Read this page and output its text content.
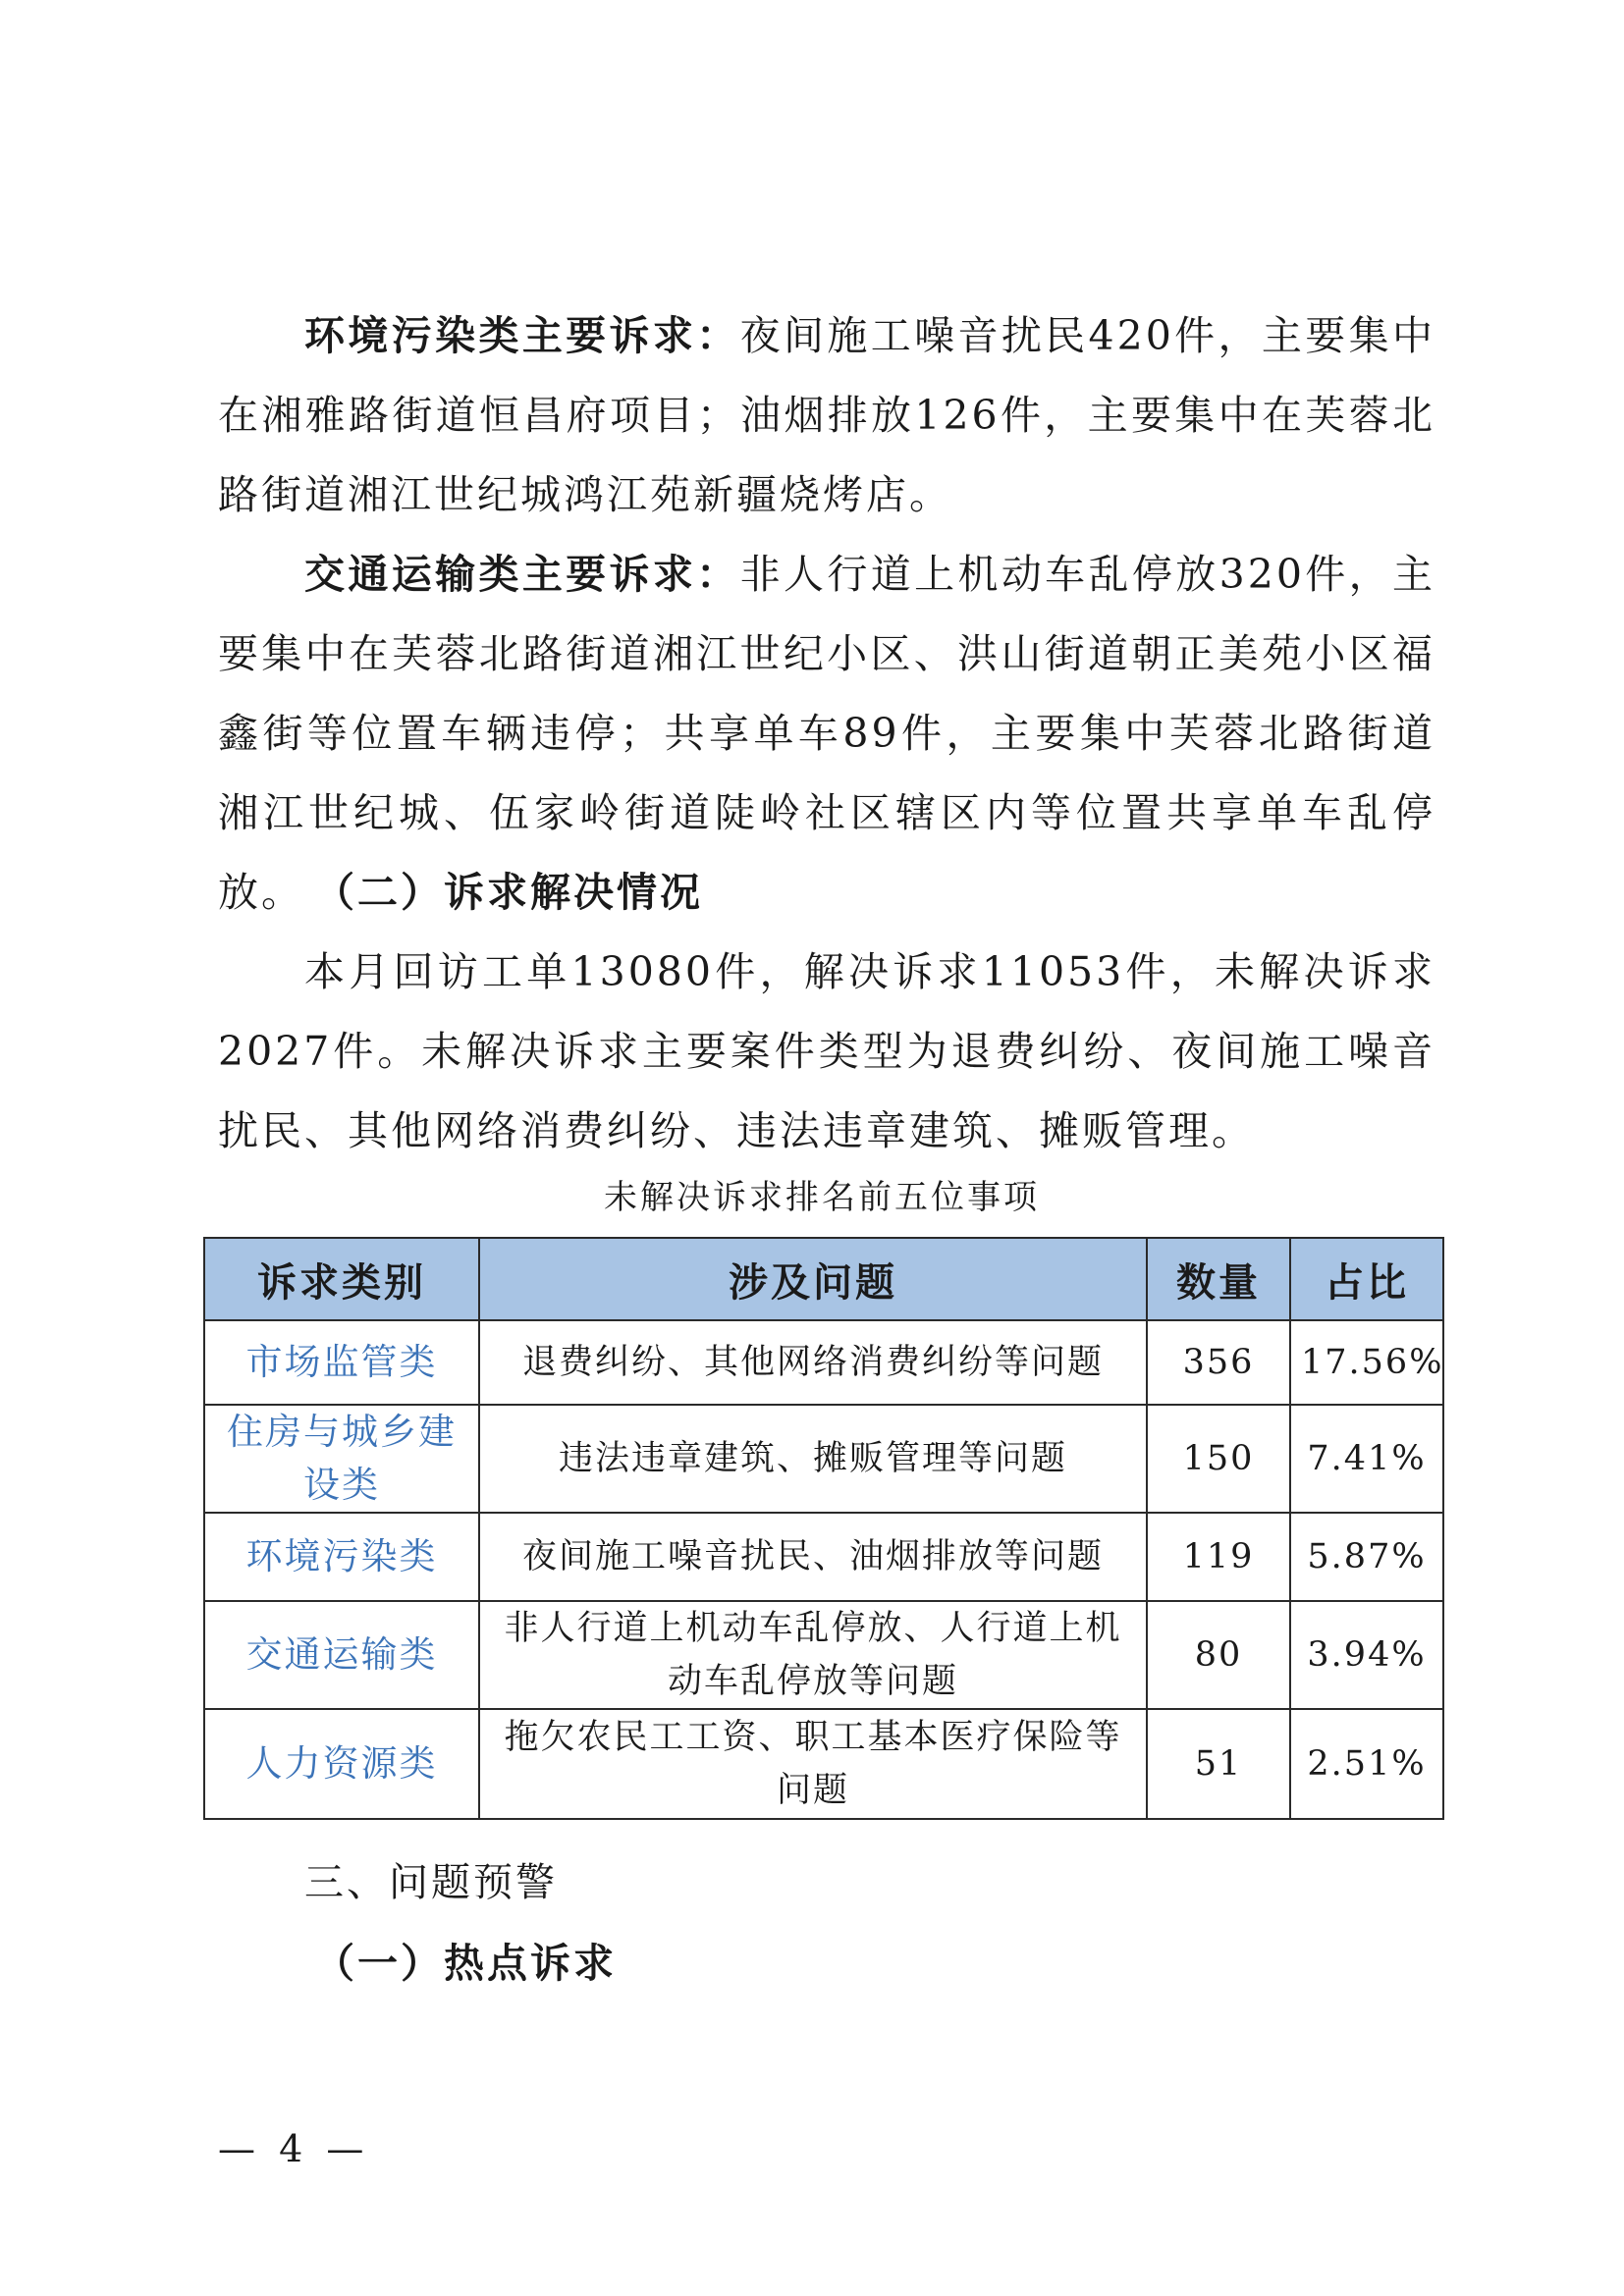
环境污染类主要诉求：夜间施工噪音扰民420件，主要集中在湘雅路街道恒昌府项目；油烟排放126件，主要集中在芙蓉北路街道湘江世纪城鸿江苑新疆烧烤店。

交通运输类主要诉求：非人行道上机动车乱停放320件，主要集中在芙蓉北路街道湘江世纪小区、洪山街道朝正美苑小区福鑫街等位置车辆违停；共享单车89件，主要集中芙蓉北路街道湘江世纪城、伍家岭街道陡岭社区辖区内等位置共享单车乱停放。 （二）诉求解决情况

本月回访工单13080件，解决诉求11053件，未解决诉求2027件。未解决诉求主要案件类型为退费纠纷、夜间施工噪音扰民、其他网络消费纠纷、违法违章建筑、摊贩管理。

未解决诉求排名前五位事项

诉求类别	涉及问题	数量	占比
市场监管类	退费纠纷、其他网络消费纠纷等问题	356	17.56%
住房与城乡建设类	违法违章建筑、摊贩管理等问题	150	7.41%
环境污染类	夜间施工噪音扰民、油烟排放等问题	119	5.87%
交通运输类	非人行道上机动车乱停放、人行道上机动车乱停放等问题	80	3.94%
人力资源类	拖欠农民工工资、职工基本医疗保险等问题	51	2.51%

三、问题预警

（一）热点诉求

— 4 —
